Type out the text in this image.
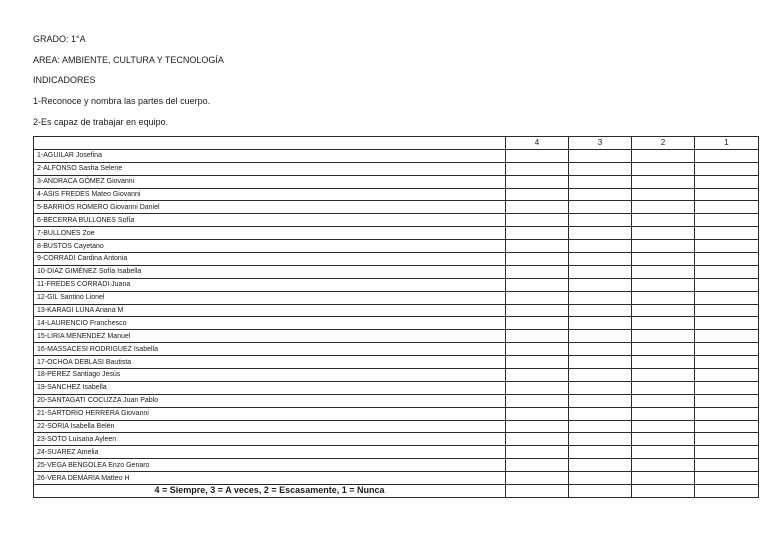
GRADO: 1°A
AREA: AMBIENTE, CULTURA Y TECNOLOGÍA
INDICADORES
1-Reconoce y nombra las partes del cuerpo.
2-Es capaz de trabajar en equipo.
	4	3	2	1
1-AGUILAR Josefina				
2-ALFONSO Sasha Selene				
3-ANDRACA GÓMEZ Giovanni				
4-ASIS FREDES Mateo Giovanni				
5-BARRIOS ROMERO Giovanni Daniel				
6-BECERRA BULLONES Sofía				
7-BULLONES Zoe				
8-BUSTOS Cayetano				
9-CORRADI Cardina Antonia				
10-DIAZ GIMÉNEZ Sofía Isabella				
11-FREDES CORRADI Juana				
12-GIL Santino Lionel				
13-KARAGI LUNA Ariana M				
14-LAURENCIO Franchesco				
15-LIRIA MENENDEZ Manuel				
16-MASSACESI RODRIGUEZ Isabella				
17-OCHOA DEBLASI Bautista				
18-PEREZ Santiago Jesús				
19-SANCHEZ Isabella				
20-SANTAGATI COCUZZA Juan Pablo				
21-SARTORIO HERRERA Giovanni				
22-SORIA Isabella Belén				
23-SOTO Luisana Ayleen				
24-SUAREZ Amelia				
25-VEGA BENGOLEA Enzo Genaro				
26-VERA DEMARIA Matteo H				
4 = Siempre, 3 = A veces, 2 = Escasamente, 1 = Nunca				
